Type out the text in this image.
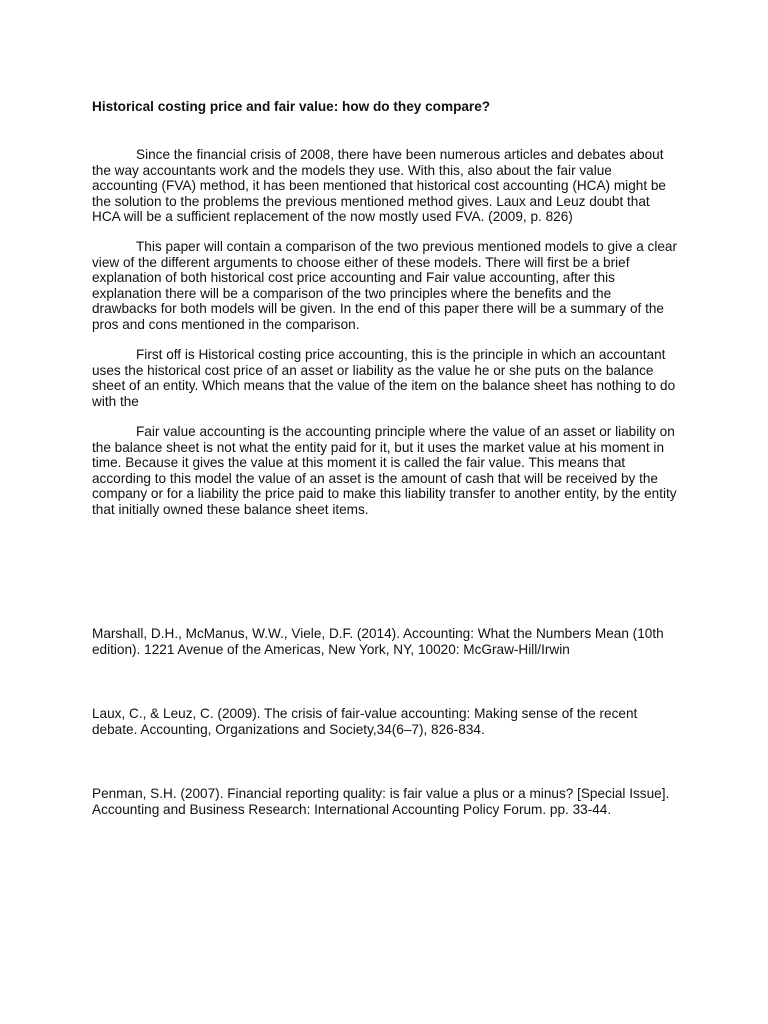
Historical costing price and fair value: how do they compare?

Since the financial crisis of 2008, there have been numerous articles and debates about the way accountants work and the models they use. With this, also about the fair value accounting (FVA) method, it has been mentioned that historical cost accounting (HCA) might be the solution to the problems the previous mentioned method gives. Laux and Leuz doubt that HCA will be a sufficient replacement of the now mostly used FVA. (2009, p. 826)

This paper will contain a comparison of the two previous mentioned models to give a clear view of the different arguments to choose either of these models. There will first be a brief explanation of both historical cost price accounting and Fair value accounting, after this explanation there will be a comparison of the two principles where the benefits and the drawbacks for both models will be given. In the end of this paper there will be a summary of the pros and cons mentioned in the comparison.

First off is Historical costing price accounting, this is the principle in which an accountant uses the historical cost price of an asset or liability as the value he or she puts on the balance sheet of an entity. Which means that the value of the item on the balance sheet has nothing to do with the

Fair value accounting is the accounting principle where the value of an asset or liability on the balance sheet is not what the entity paid for it, but it uses the market value at his moment in time. Because it gives the value at this moment it is called the fair value. This means that according to this model the value of an asset is the amount of cash that will be received by the company or for a liability the price paid to make this liability transfer to another entity, by the entity that initially owned these balance sheet items.

Marshall, D.H., McManus, W.W., Viele, D.F. (2014). Accounting: What the Numbers Mean (10th edition). 1221 Avenue of the Americas, New York, NY, 10020: McGraw-Hill/Irwin

Laux, C., & Leuz, C. (2009). The crisis of fair-value accounting: Making sense of the recent debate. Accounting, Organizations and Society,34(6–7), 826-834.

Penman, S.H. (2007). Financial reporting quality: is fair value a plus or a minus? [Special Issue]. Accounting and Business Research: International Accounting Policy Forum. pp. 33-44.
